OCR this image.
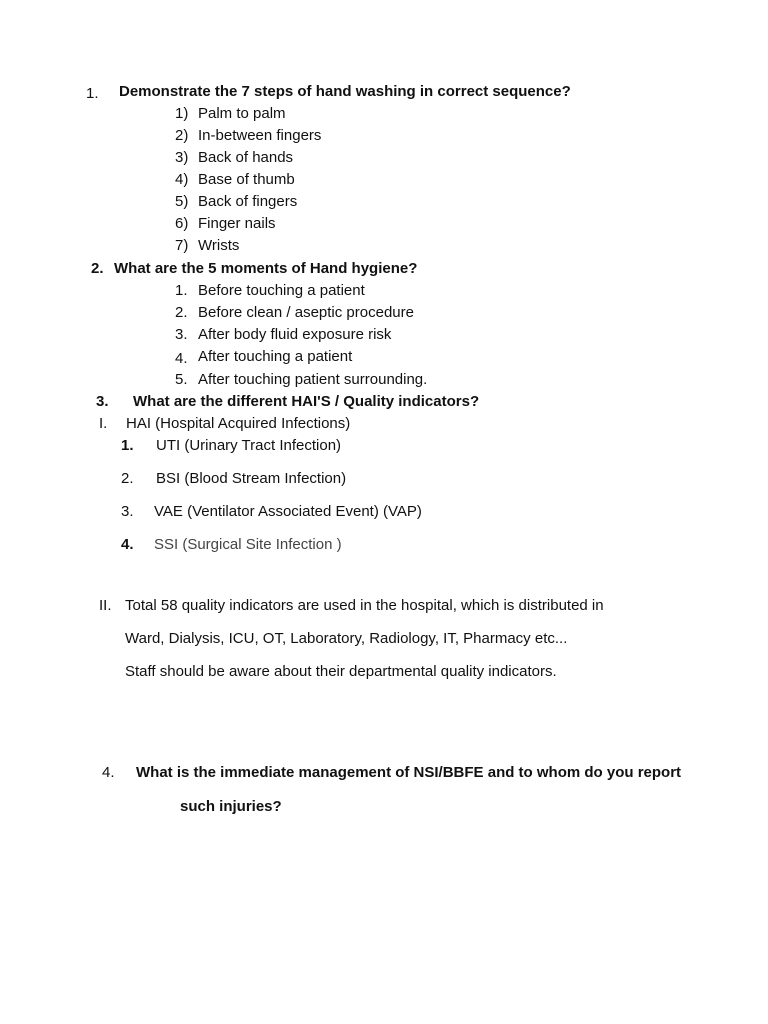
1. Demonstrate the 7 steps of hand washing in correct sequence?
1) Palm to palm
2) In-between fingers
3) Back of hands
4) Base of thumb
5) Back of fingers
6) Finger nails
7) Wrists
2. What are the 5 moments of Hand hygiene?
1. Before touching a patient
2. Before clean / aseptic procedure
3. After body fluid exposure risk
4. After touching a patient
5. After touching patient surrounding.
3. What are the different HAI'S / Quality indicators?
I. HAI (Hospital Acquired Infections)
1. UTI (Urinary Tract Infection)
2. BSI (Blood Stream Infection)
3. VAE (Ventilator Associated Event) (VAP)
4. SSI (Surgical Site Infection )
II. Total 58 quality indicators are used in the hospital, which is distributed in
Ward, Dialysis, ICU, OT, Laboratory, Radiology, IT, Pharmacy etc...
Staff should be aware about their departmental quality indicators.
4. What is the immediate management of NSI/BBFE and to whom do you report
such injuries?
